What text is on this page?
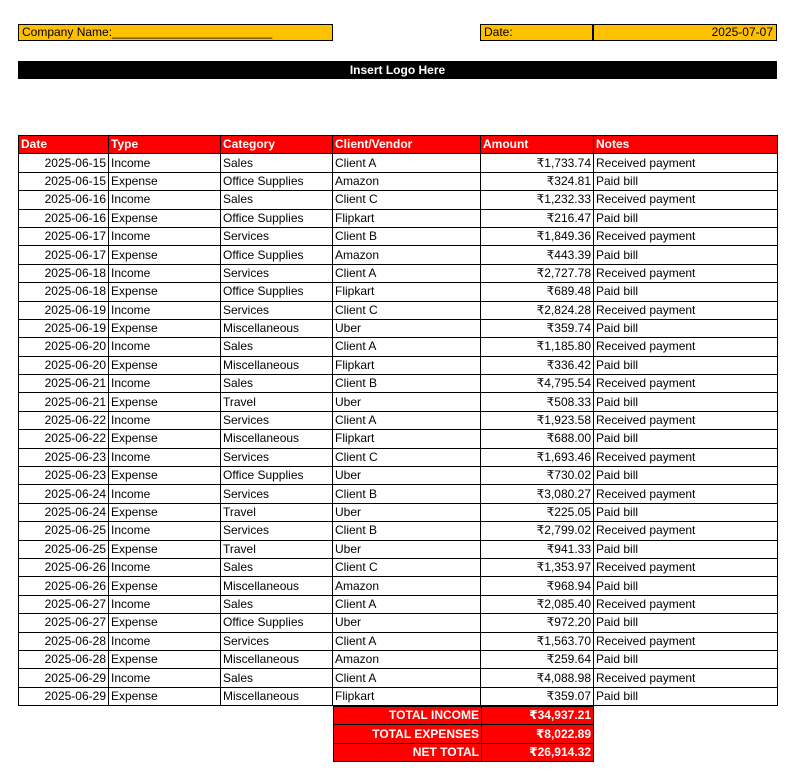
Company Name:________________________	Date:	2025-07-07
Insert Logo Here
Date	Type	Category	Client/Vendor	Amount	Notes
2025-06-15	Income	Sales	Client A	₹1,733.74	Received payment
2025-06-15	Expense	Office Supplies	Amazon	₹324.81	Paid bill
2025-06-16	Income	Sales	Client C	₹1,232.33	Received payment
2025-06-16	Expense	Office Supplies	Flipkart	₹216.47	Paid bill
2025-06-17	Income	Services	Client B	₹1,849.36	Received payment
2025-06-17	Expense	Office Supplies	Amazon	₹443.39	Paid bill
2025-06-18	Income	Services	Client A	₹2,727.78	Received payment
2025-06-18	Expense	Office Supplies	Flipkart	₹689.48	Paid bill
2025-06-19	Income	Services	Client C	₹2,824.28	Received payment
2025-06-19	Expense	Miscellaneous	Uber	₹359.74	Paid bill
2025-06-20	Income	Sales	Client A	₹1,185.80	Received payment
2025-06-20	Expense	Miscellaneous	Flipkart	₹336.42	Paid bill
2025-06-21	Income	Sales	Client B	₹4,795.54	Received payment
2025-06-21	Expense	Travel	Uber	₹508.33	Paid bill
2025-06-22	Income	Services	Client A	₹1,923.58	Received payment
2025-06-22	Expense	Miscellaneous	Flipkart	₹688.00	Paid bill
2025-06-23	Income	Services	Client C	₹1,693.46	Received payment
2025-06-23	Expense	Office Supplies	Uber	₹730.02	Paid bill
2025-06-24	Income	Services	Client B	₹3,080.27	Received payment
2025-06-24	Expense	Travel	Uber	₹225.05	Paid bill
2025-06-25	Income	Services	Client B	₹2,799.02	Received payment
2025-06-25	Expense	Travel	Uber	₹941.33	Paid bill
2025-06-26	Income	Sales	Client C	₹1,353.97	Received payment
2025-06-26	Expense	Miscellaneous	Amazon	₹968.94	Paid bill
2025-06-27	Income	Sales	Client A	₹2,085.40	Received payment
2025-06-27	Expense	Office Supplies	Uber	₹972.20	Paid bill
2025-06-28	Income	Services	Client A	₹1,563.70	Received payment
2025-06-28	Expense	Miscellaneous	Amazon	₹259.64	Paid bill
2025-06-29	Income	Sales	Client A	₹4,088.98	Received payment
2025-06-29	Expense	Miscellaneous	Flipkart	₹359.07	Paid bill
TOTAL INCOME	₹34,937.21
TOTAL EXPENSES	₹8,022.89
NET TOTAL	₹26,914.32
